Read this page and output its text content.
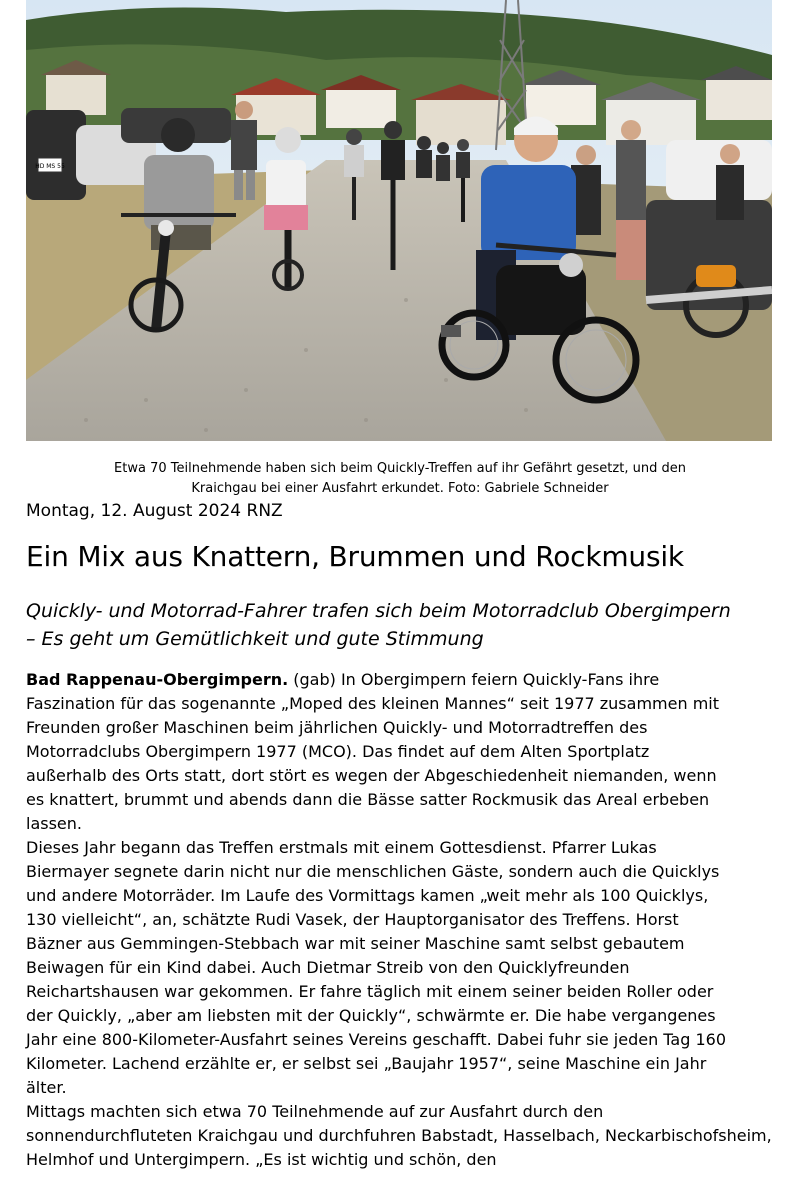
HD MS 55
Etwa 70 Teilnehmende haben sich beim Quickly-Treffen auf ihr Gefährt gesetzt, und den
Kraichgau bei einer Ausfahrt erkundet. Foto: Gabriele Schneider
Montag, 12. August 2024 RNZ
Ein Mix aus Knattern, Brummen und Rockmusik
Quickly- und Motorrad-Fahrer trafen sich beim Motorradclub Obergimpern
– Es geht um Gemütlichkeit und gute Stimmung
Bad Rappenau-Obergimpern. (gab) In Obergimpern feiern Quickly-Fans ihre
Faszination für das sogenannte „Moped des kleinen Mannes“ seit 1977 zusammen mit
Freunden großer Maschinen beim jährlichen Quickly- und Motorradtreffen des
Motorradclubs Obergimpern 1977 (MCO). Das findet auf dem Alten Sportplatz
außerhalb des Orts statt, dort stört es wegen der Abgeschiedenheit niemanden, wenn
es knattert, brummt und abends dann die Bässe satter Rockmusik das Areal erbeben
lassen.
Dieses Jahr begann das Treffen erstmals mit einem Gottesdienst. Pfarrer Lukas
Biermayer segnete darin nicht nur die menschlichen Gäste, sondern auch die Quicklys
und andere Motorräder. Im Laufe des Vormittags kamen „weit mehr als 100 Quicklys,
130 vielleicht“, an, schätzte Rudi Vasek, der Hauptorganisator des Treffens. Horst
Bäzner aus Gemmingen-Stebbach war mit seiner Maschine samt selbst gebautem
Beiwagen für ein Kind dabei. Auch Dietmar Streib von den Quicklyfreunden
Reichartshausen war gekommen. Er fahre täglich mit einem seiner beiden Roller oder
der Quickly, „aber am liebsten mit der Quickly“, schwärmte er. Die habe vergangenes
Jahr eine 800-Kilometer-Ausfahrt seines Vereins geschafft. Dabei fuhr sie jeden Tag 160
Kilometer. Lachend erzählte er, er selbst sei „Baujahr 1957“, seine Maschine ein Jahr
älter.
Mittags machten sich etwa 70 Teilnehmende auf zur Ausfahrt durch den
sonnendurchfluteten Kraichgau und durchfuhren Babstadt, Hasselbach, Neckarbischofsheim,
Helmhof und Untergimpern. „Es ist wichtig und schön, den
